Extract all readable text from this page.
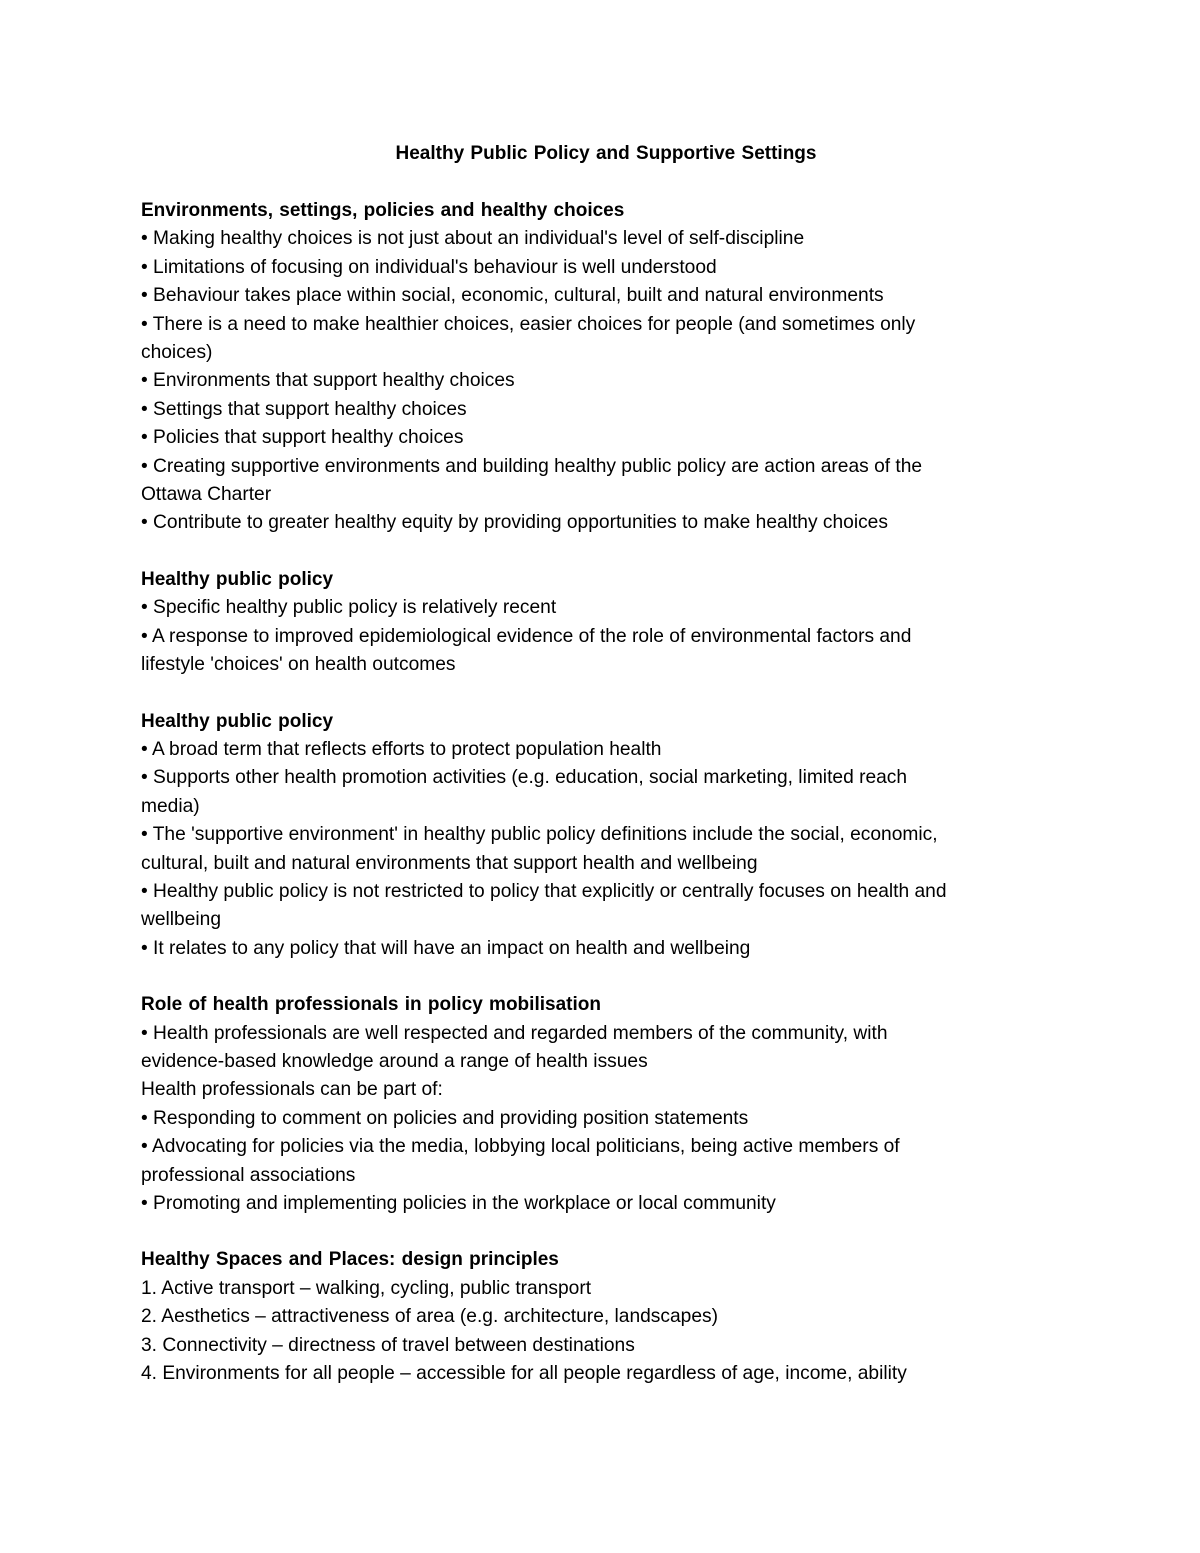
Healthy Public Policy and Supportive Settings
Environments, settings, policies and healthy choices

• Making healthy choices is not just about an individual's level of self-discipline

• Limitations of focusing on individual's behaviour is well understood

• Behaviour takes place within social, economic, cultural, built and natural environments

• There is a need to make healthier choices, easier choices for people (and sometimes only

choices)

• Environments that support healthy choices

• Settings that support healthy choices

• Policies that support healthy choices

• Creating supportive environments and building healthy public policy are action areas of the

Ottawa Charter

• Contribute to greater healthy equity by providing opportunities to make healthy choices

Healthy public policy

• Specific healthy public policy is relatively recent

• A response to improved epidemiological evidence of the role of environmental factors and

lifestyle 'choices' on health outcomes

Healthy public policy

• A broad term that reflects efforts to protect population health

• Supports other health promotion activities (e.g. education, social marketing, limited reach

media)

• The 'supportive environment' in healthy public policy definitions include the social, economic,

cultural, built and natural environments that support health and wellbeing

• Healthy public policy is not restricted to policy that explicitly or centrally focuses on health and

wellbeing

• It relates to any policy that will have an impact on health and wellbeing

Role of health professionals in policy mobilisation

• Health professionals are well respected and regarded members of the community, with

evidence-based knowledge around a range of health issues

Health professionals can be part of:

• Responding to comment on policies and providing position statements

• Advocating for policies via the media, lobbying local politicians, being active members of

professional associations

• Promoting and implementing policies in the workplace or local community

Healthy Spaces and Places: design principles

1. Active transport – walking, cycling, public transport

2. Aesthetics – attractiveness of area (e.g. architecture, landscapes)

3. Connectivity – directness of travel between destinations

4. Environments for all people – accessible for all people regardless of age, income, ability
